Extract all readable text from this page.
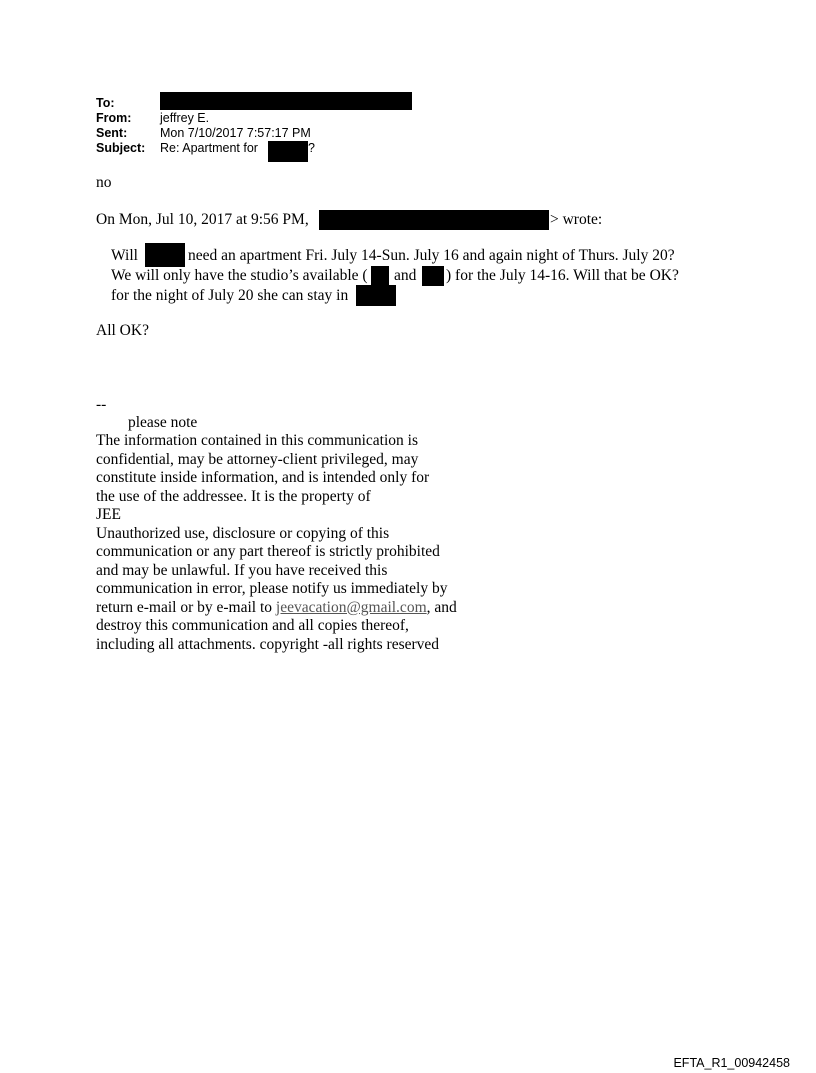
To:
From: jeffrey E.
Sent:	Mon 7/10/2017 7:57:17 PM
Subject: Re: Apartment for	?
no
On Mon, Jul 10, 2017 at 9:56 PM,	> wrote:
Will	need an apartment Fri. July 14-Sun. July 16 and again night of Thurs. July 20?
We will only have the studio’s available ( and ) for the July 14-16. Will that be OK?
for the night of July 20 she can stay in
All OK?
--
please note
The information contained in this communication is
confidential, may be attorney-client privileged, may
constitute inside information, and is intended only for
the use of the addressee. It is the property of
JEE
Unauthorized use, disclosure or copying of this
communication or any part thereof is strictly prohibited
and may be unlawful. If you have received this
communication in error, please notify us immediately by
return e-mail or by e-mail to jeevacation@gmail.com, and
destroy this communication and all copies thereof,
including all attachments. copyright -all rights reserved
EFTA_R1_00942458
